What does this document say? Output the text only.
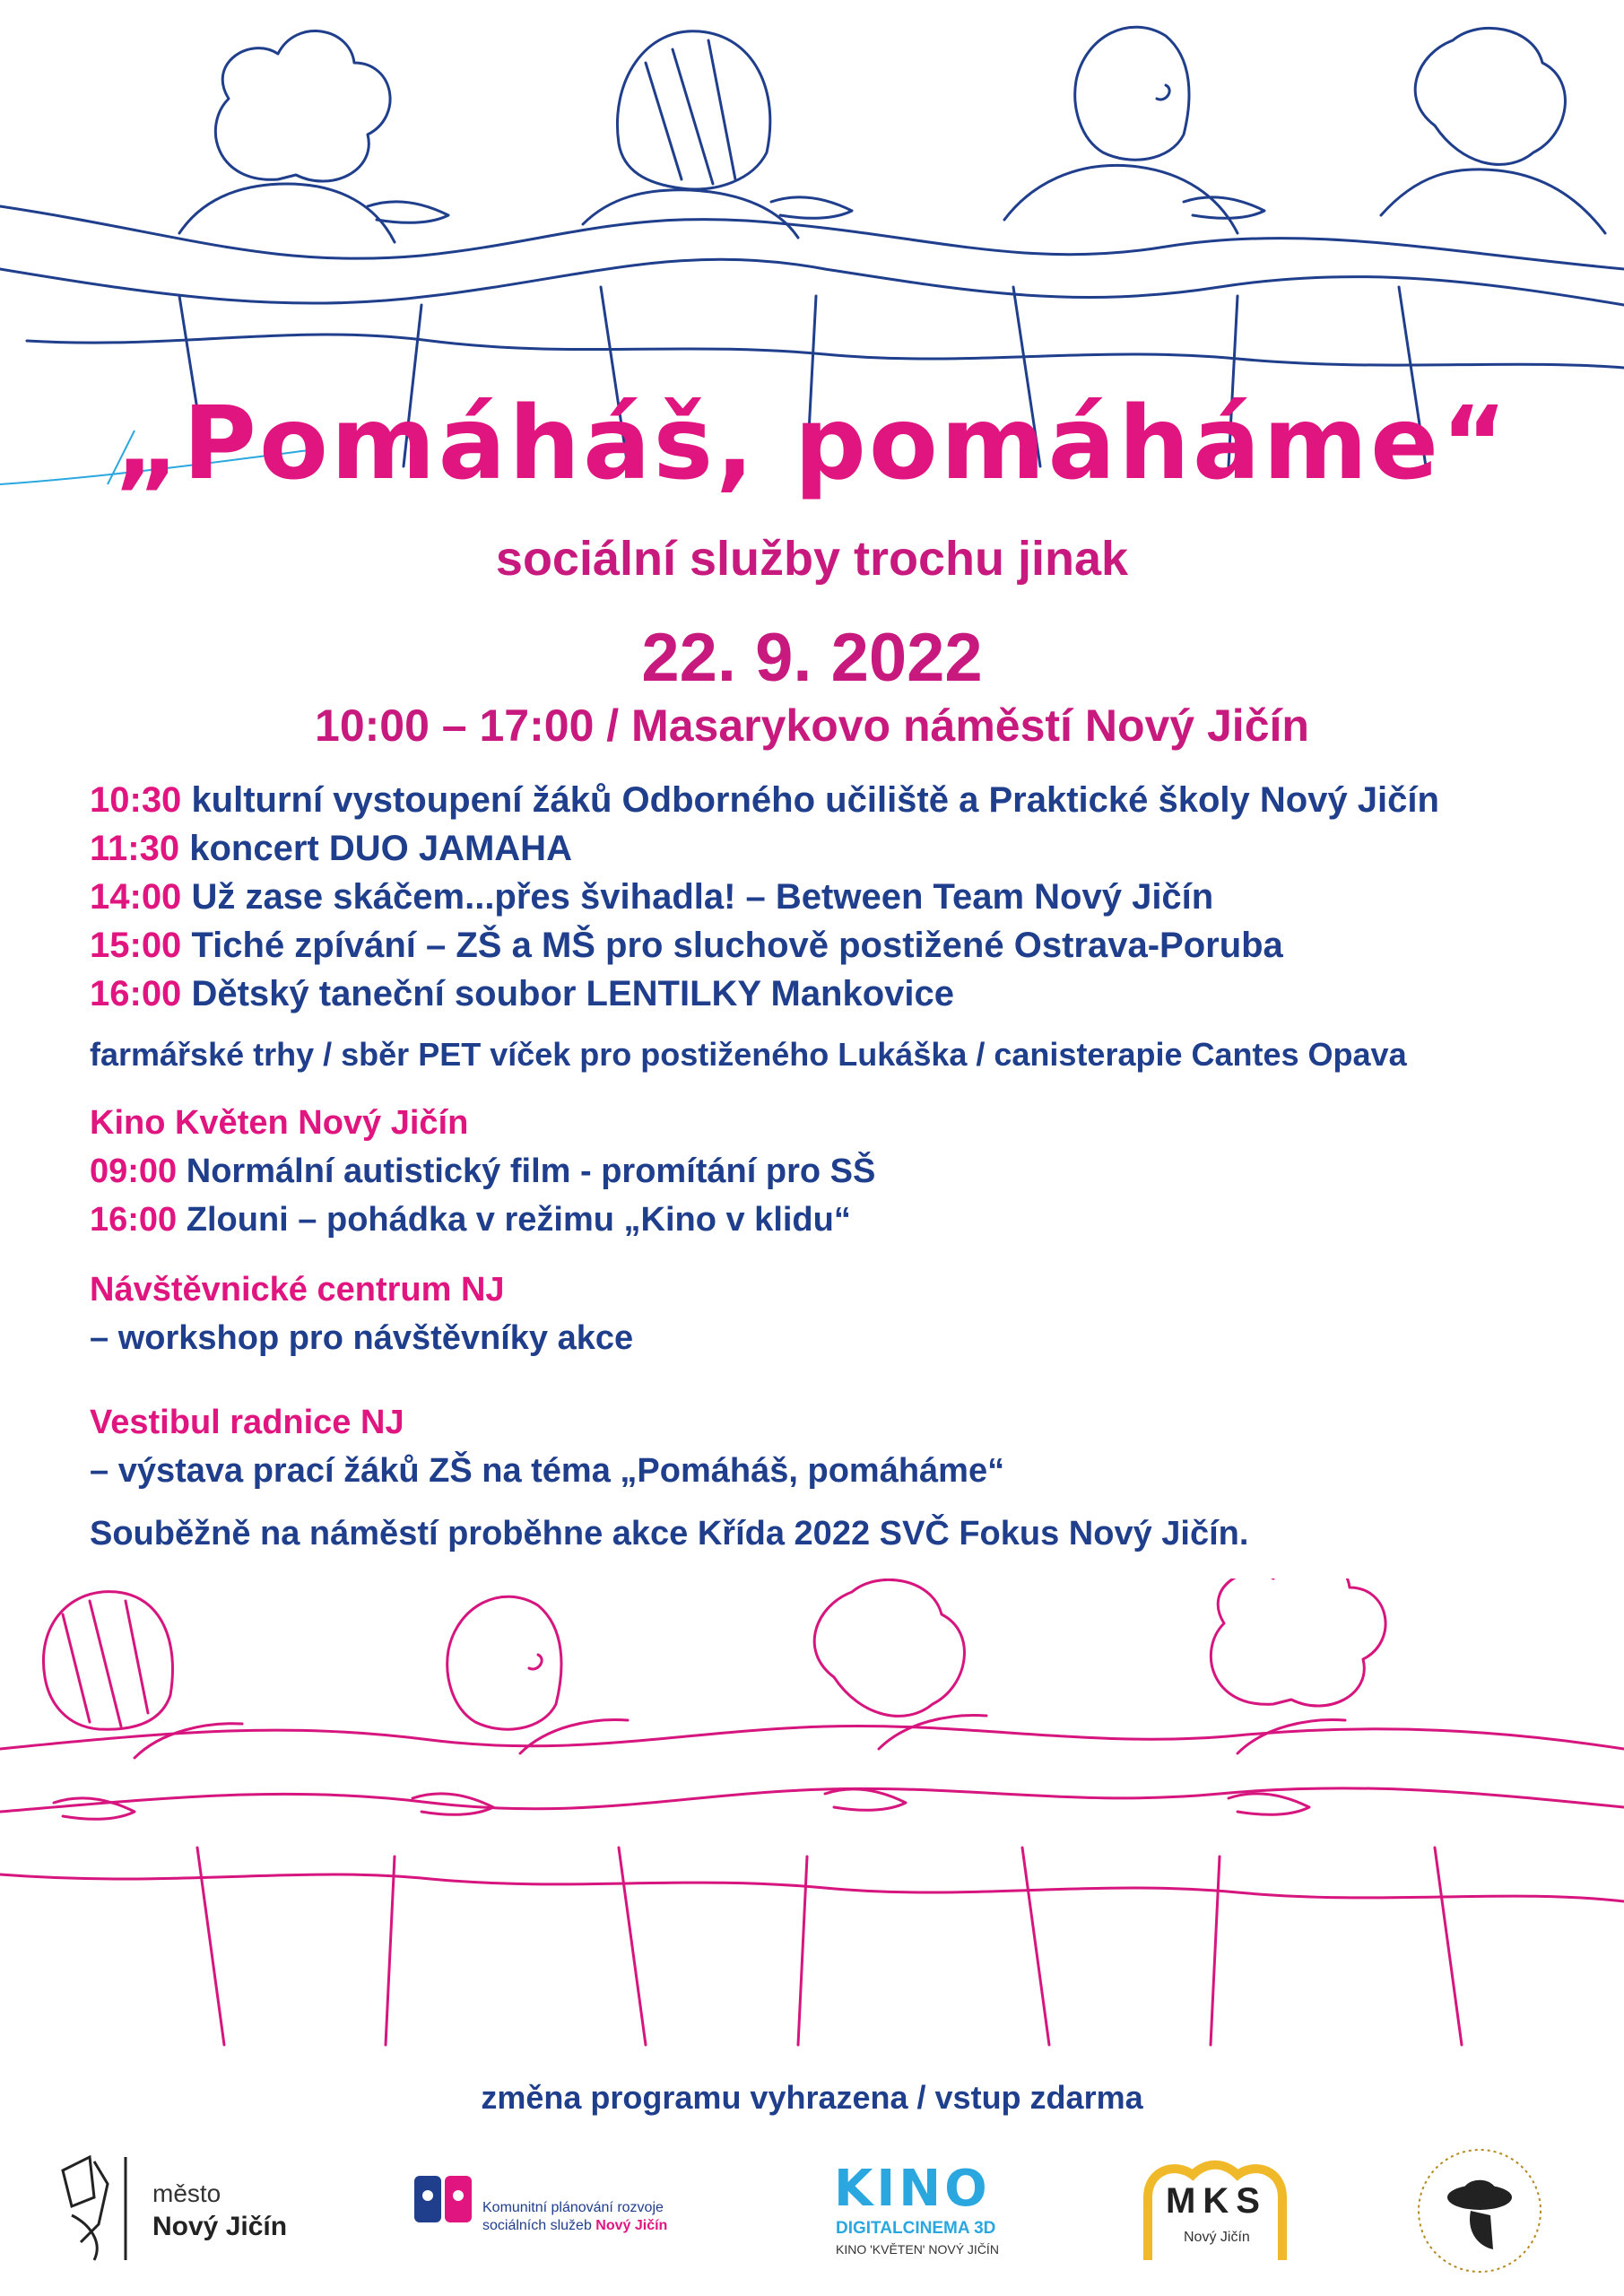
„Pomáháš, pomáháme“
sociální služby trochu jinak
22. 9. 2022
10:00 – 17:00 / Masarykovo náměstí Nový Jičín
10:30 kulturní vystoupení žáků Odborného učiliště a Praktické školy Nový Jičín
11:30 koncert DUO JAMAHA
14:00 Už zase skáčem...přes švihadla! – Between Team Nový Jičín
15:00 Tiché zpívání – ZŠ a MŠ pro sluchově postižené Ostrava-Poruba
16:00 Dětský taneční soubor LENTILKY Mankovice
farmářské trhy / sběr PET víček pro postiženého Lukáška / canisterapie Cantes Opava
Kino Květen Nový Jičín
09:00 Normální autistický film - promítání pro SŠ
16:00 Zlouni – pohádka v režimu „Kino v klidu“
Návštěvnické centrum NJ
– workshop pro návštěvníky akce
Vestibul radnice NJ
– výstava prací žáků ZŠ na téma „Pomáháš, pomáháme“
Souběžně na náměstí proběhne akce Křída 2022 SVČ Fokus Nový Jičín.
změna programu vyhrazena / vstup zdarma
město
Nový Jičín
Komunitní plánování rozvoje
sociálních služeb Nový Jičín
KINO
DIGITALCINEMA 3D
KINO 'KVĚTEN' NOVÝ JIČÍN
MKS
Nový Jičín
